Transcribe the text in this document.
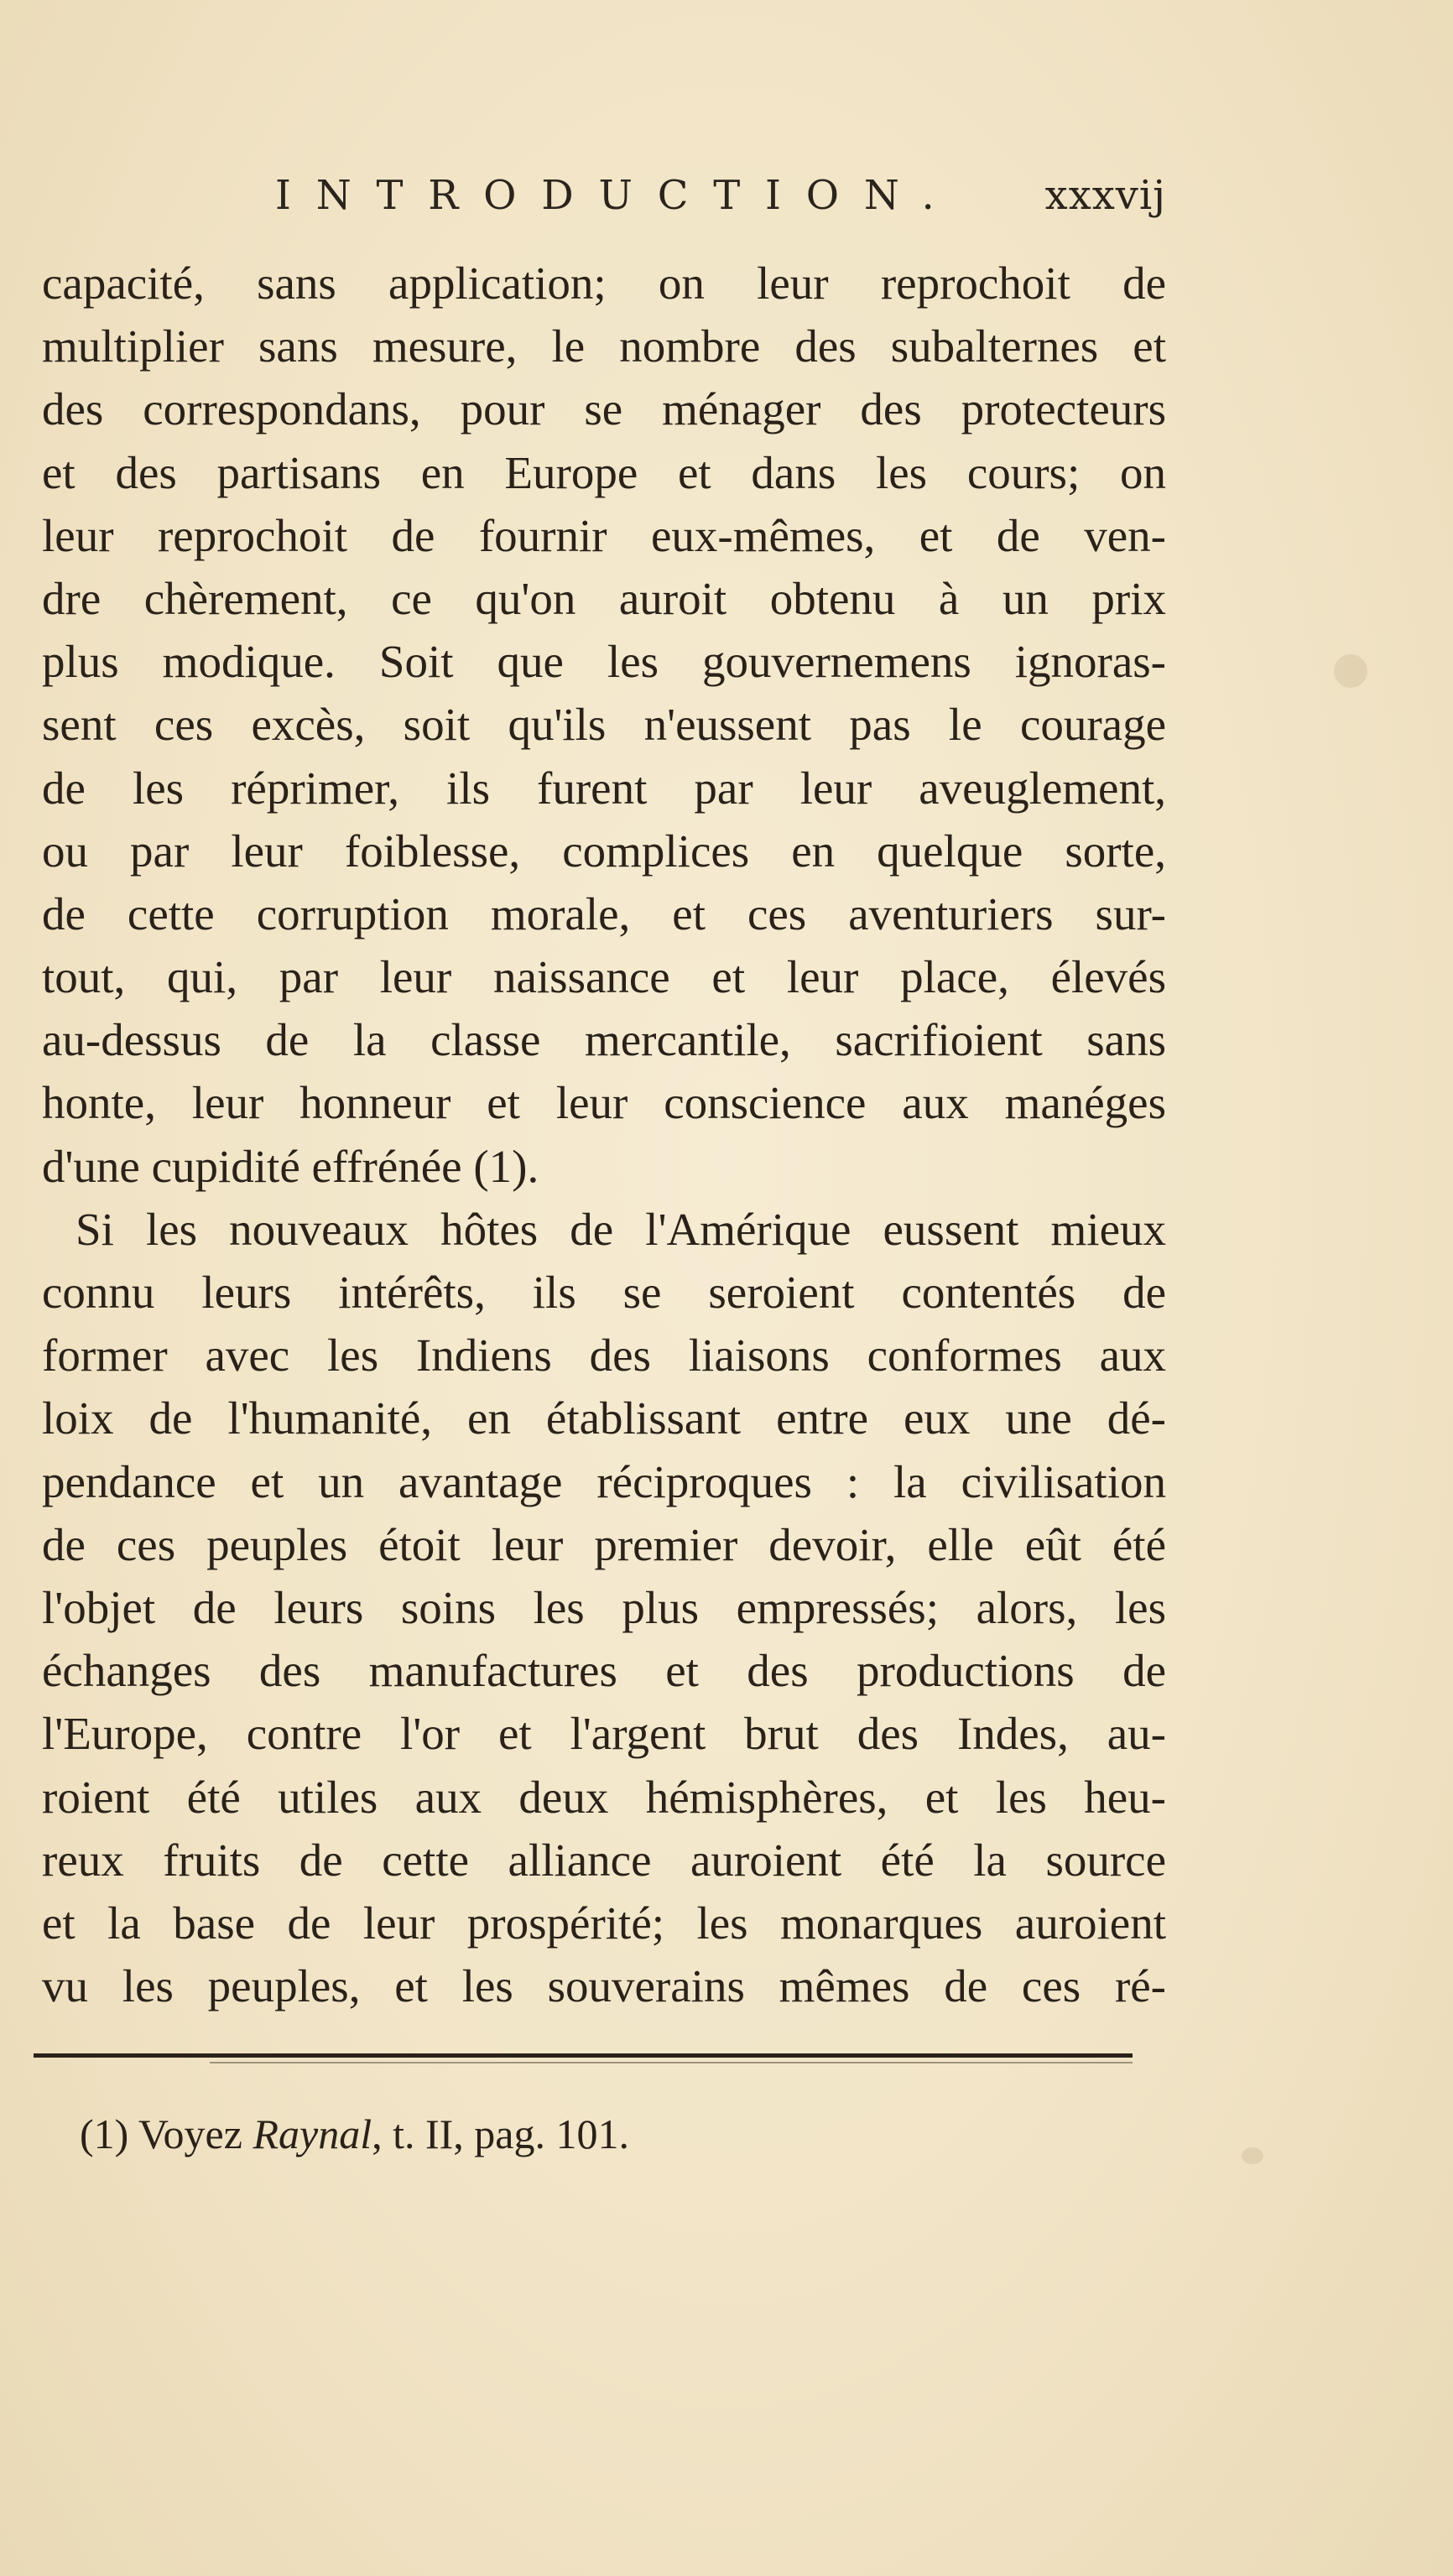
INTRODUCTION. xxxvij
capacité, sans application; on leur reprochoit de
multiplier sans mesure, le nombre des subalternes et
des correspondans, pour se ménager des protecteurs
et des partisans en Europe et dans les cours; on
leur reprochoit de fournir eux-mêmes, et de ven-
dre chèrement, ce qu'on auroit obtenu à un prix
plus modique. Soit que les gouvernemens ignoras-
sent ces excès, soit qu'ils n'eussent pas le courage
de les réprimer, ils furent par leur aveuglement,
ou par leur foiblesse, complices en quelque sorte,
de cette corruption morale, et ces aventuriers sur-
tout, qui, par leur naissance et leur place, élevés
au-dessus de la classe mercantile, sacrifioient sans
honte, leur honneur et leur conscience aux manéges
d'une cupidité effrénée (1).
Si les nouveaux hôtes de l'Amérique eussent mieux
connu leurs intérêts, ils se seroient contentés de
former avec les Indiens des liaisons conformes aux
loix de l'humanité, en établissant entre eux une dé-
pendance et un avantage réciproques : la civilisation
de ces peuples étoit leur premier devoir, elle eût été
l'objet de leurs soins les plus empressés; alors, les
échanges des manufactures et des productions de
l'Europe, contre l'or et l'argent brut des Indes, au-
roient été utiles aux deux hémisphères, et les heu-
reux fruits de cette alliance auroient été la source
et la base de leur prospérité; les monarques auroient
vu les peuples, et les souverains mêmes de ces ré-
(1) Voyez Raynal, t. II, pag. 101.
